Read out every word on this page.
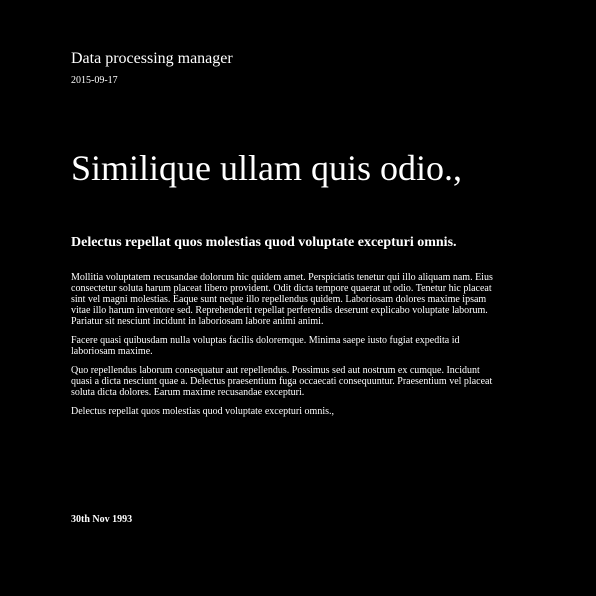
Data processing manager
2015-09-17
Similique ullam quis odio.,
Delectus repellat quos molestias quod voluptate excepturi omnis.

Mollitia voluptatem recusandae dolorum hic quidem amet. Perspiciatis tenetur qui illo aliquam nam. Eius consectetur soluta harum placeat libero provident. Odit dicta tempore quaerat ut odio. Tenetur hic placeat sint vel magni molestias. Eaque sunt neque illo repellendus quidem. Laboriosam dolores maxime ipsam vitae illo harum inventore sed. Reprehenderit repellat perferendis deserunt explicabo voluptate laborum. Pariatur sit nesciunt incidunt in laboriosam labore animi animi.

Facere quasi quibusdam nulla voluptas facilis doloremque. Minima saepe iusto fugiat expedita id laboriosam maxime.

Quo repellendus laborum consequatur aut repellendus. Possimus sed aut nostrum ex cumque. Incidunt quasi a dicta nesciunt quae a. Delectus praesentium fuga occaecati consequuntur. Praesentium vel placeat soluta dicta dolores. Earum maxime recusandae excepturi.

Delectus repellat quos molestias quod voluptate excepturi omnis.,

30th Nov 1993
